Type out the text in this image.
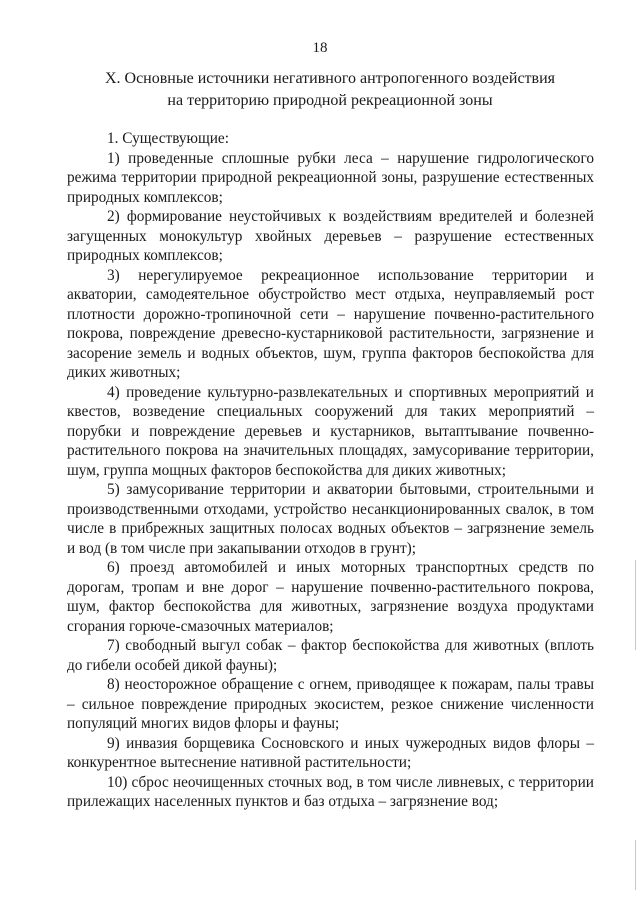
18
X. Основные источники негативного антропогенного воздействия
на территорию природной рекреационной зоны

1. Существующие:

1) проведенные сплошные рубки леса – нарушение гидрологического режима территории природной рекреационной зоны, разрушение естественных природных комплексов;

2) формирование неустойчивых к воздействиям вредителей и болезней загущенных монокультур хвойных деревьев – разрушение естественных природных комплексов;

3) нерегулируемое рекреационное использование территории и акватории, самодеятельное обустройство мест отдыха, неуправляемый рост плотности дорожно-тропиночной сети – нарушение почвенно-растительного покрова, повреждение древесно-кустарниковой растительности, загрязнение и засорение земель и водных объектов, шум, группа факторов беспокойства для диких животных;

4) проведение культурно-развлекательных и спортивных мероприятий и квестов, возведение специальных сооружений для таких мероприятий – порубки и повреждение деревьев и кустарников, вытаптывание почвенно-растительного покрова на значительных площадях, замусоривание территории, шум, группа мощных факторов беспокойства для диких животных;

5) замусоривание территории и акватории бытовыми, строительными и производственными отходами, устройство несанкционированных свалок, в том числе в прибрежных защитных полосах водных объектов – загрязнение земель и вод (в том числе при закапывании отходов в грунт);

6) проезд автомобилей и иных моторных транспортных средств по дорогам, тропам и вне дорог – нарушение почвенно-растительного покрова, шум, фактор беспокойства для животных, загрязнение воздуха продуктами сгорания горюче-смазочных материалов;

7) свободный выгул собак – фактор беспокойства для животных (вплоть до гибели особей дикой фауны);

8) неосторожное обращение с огнем, приводящее к пожарам, палы травы – сильное повреждение природных экосистем, резкое снижение численности популяций многих видов флоры и фауны;

9) инвазия борщевика Сосновского и иных чужеродных видов флоры – конкурентное вытеснение нативной растительности;

10) сброс неочищенных сточных вод, в том числе ливневых, с территории прилежащих населенных пунктов и баз отдыха – загрязнение вод;
